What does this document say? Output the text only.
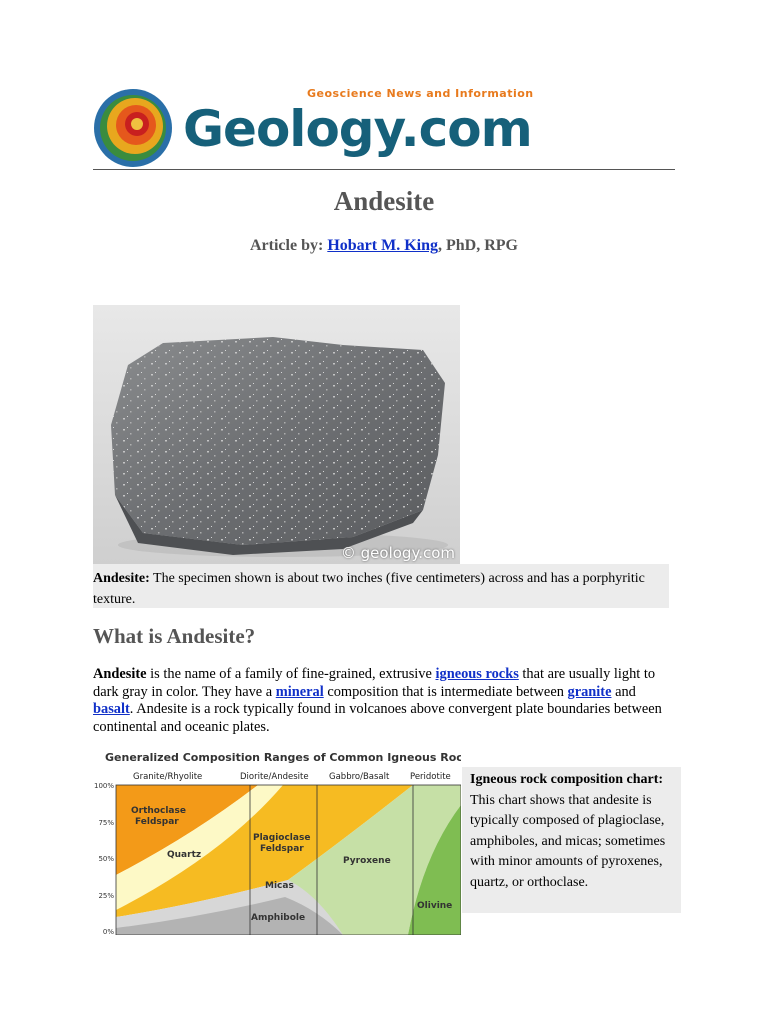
Geoscience News and Information
Geology.com
Andesite
Article by: Hobart M. King, PhD, RPG
© geology.com
Andesite: The specimen shown is about two inches (five centimeters) across and has a porphyritic texture.
What is Andesite?
Andesite is the name of a family of fine-grained, extrusive igneous rocks that are usually light to dark gray in color. They have a mineral composition that is intermediate between granite and basalt. Andesite is a rock typically found in volcanoes above convergent plate boundaries between continental and oceanic plates.
Generalized Composition Ranges of Common Igneous Rocks
Granite/Rhyolite	Diorite/Andesite Gabbro/Basalt Peridotite
100%
75%
50%
25%
0%
Orthoclase
Feldspar
Quartz
Plagioclase
Feldspar
Micas
Amphibole
Pyroxene
Olivine
Igneous rock composition chart: This chart shows that andesite is typically composed of plagioclase, amphiboles, and micas; sometimes with minor amounts of pyroxenes, quartz, or orthoclase.
